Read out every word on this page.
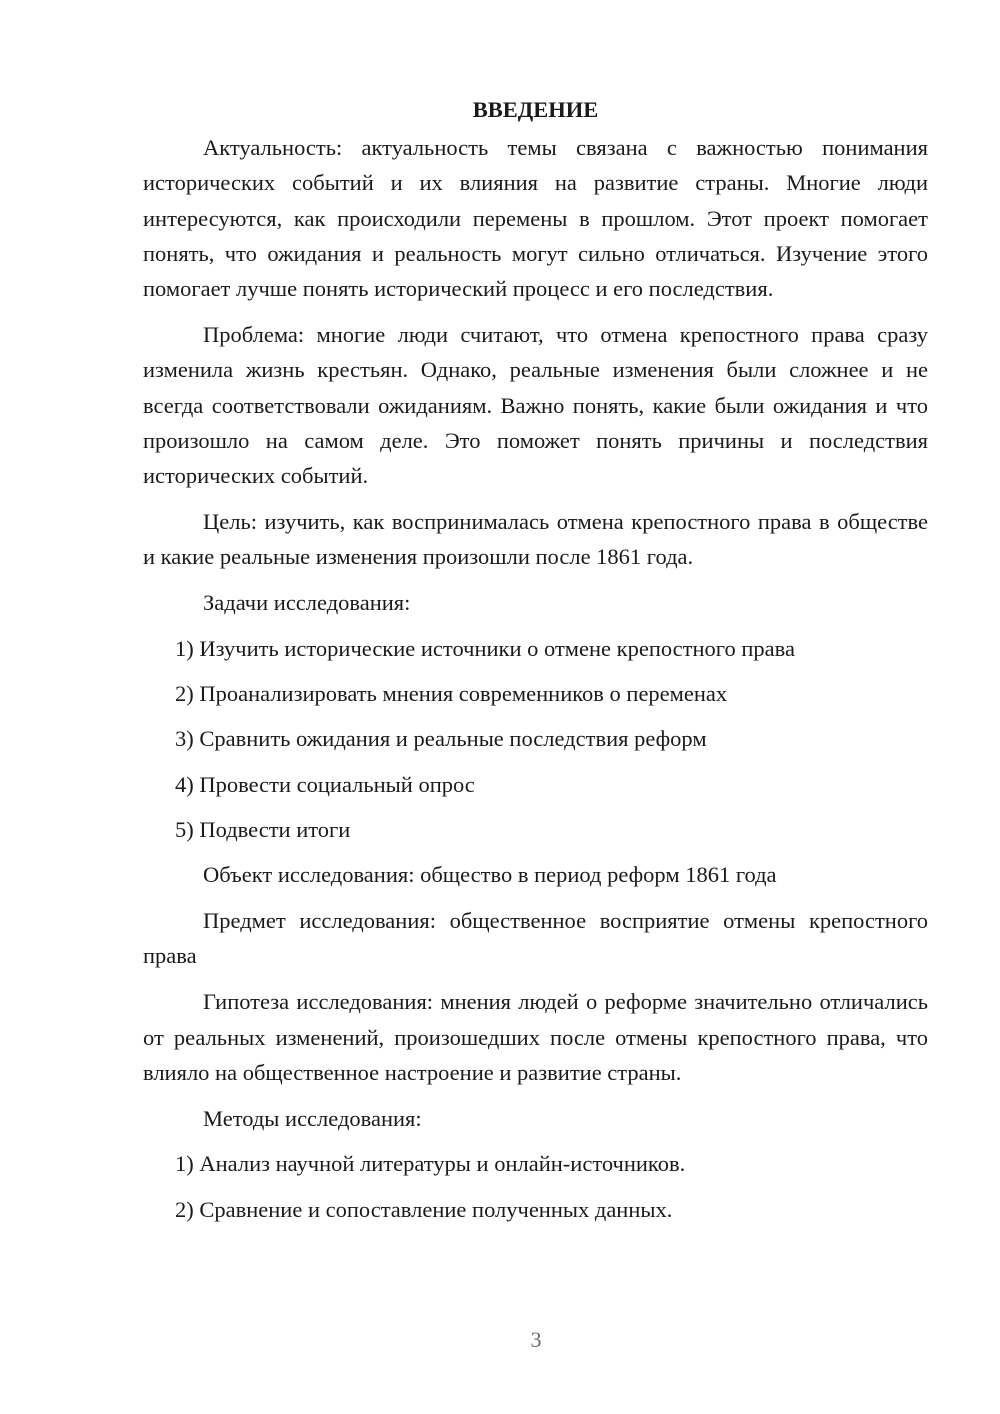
ВВЕДЕНИЕ

Актуальность: актуальность темы связана с важностью понимания исторических событий и их влияния на развитие страны. Многие люди интересуются, как происходили перемены в прошлом. Этот проект помогает понять, что ожидания и реальность могут сильно отличаться. Изучение этого помогает лучше понять исторический процесс и его последствия.

Проблема: многие люди считают, что отмена крепостного права сразу изменила жизнь крестьян. Однако, реальные изменения были сложнее и не всегда соответствовали ожиданиям. Важно понять, какие были ожидания и что произошло на самом деле. Это поможет понять причины и последствия исторических событий.

Цель: изучить, как воспринималась отмена крепостного права в обществе и какие реальные изменения произошли после 1861 года.

Задачи исследования:

1) Изучить исторические источники о отмене крепостного права
2) Проанализировать мнения современников о переменах
3) Сравнить ожидания и реальные последствия реформ
4) Провести социальный опрос
5) Подвести итоги

Объект исследования: общество в период реформ 1861 года

Предмет исследования: общественное восприятие отмены крепостного права

Гипотеза исследования: мнения людей о реформе значительно отличались от реальных изменений, произошедших после отмены крепостного права, что влияло на общественное настроение и развитие страны.

Методы исследования:

1) Анализ научной литературы и онлайн-источников.
2) Сравнение и сопоставление полученных данных.
3
